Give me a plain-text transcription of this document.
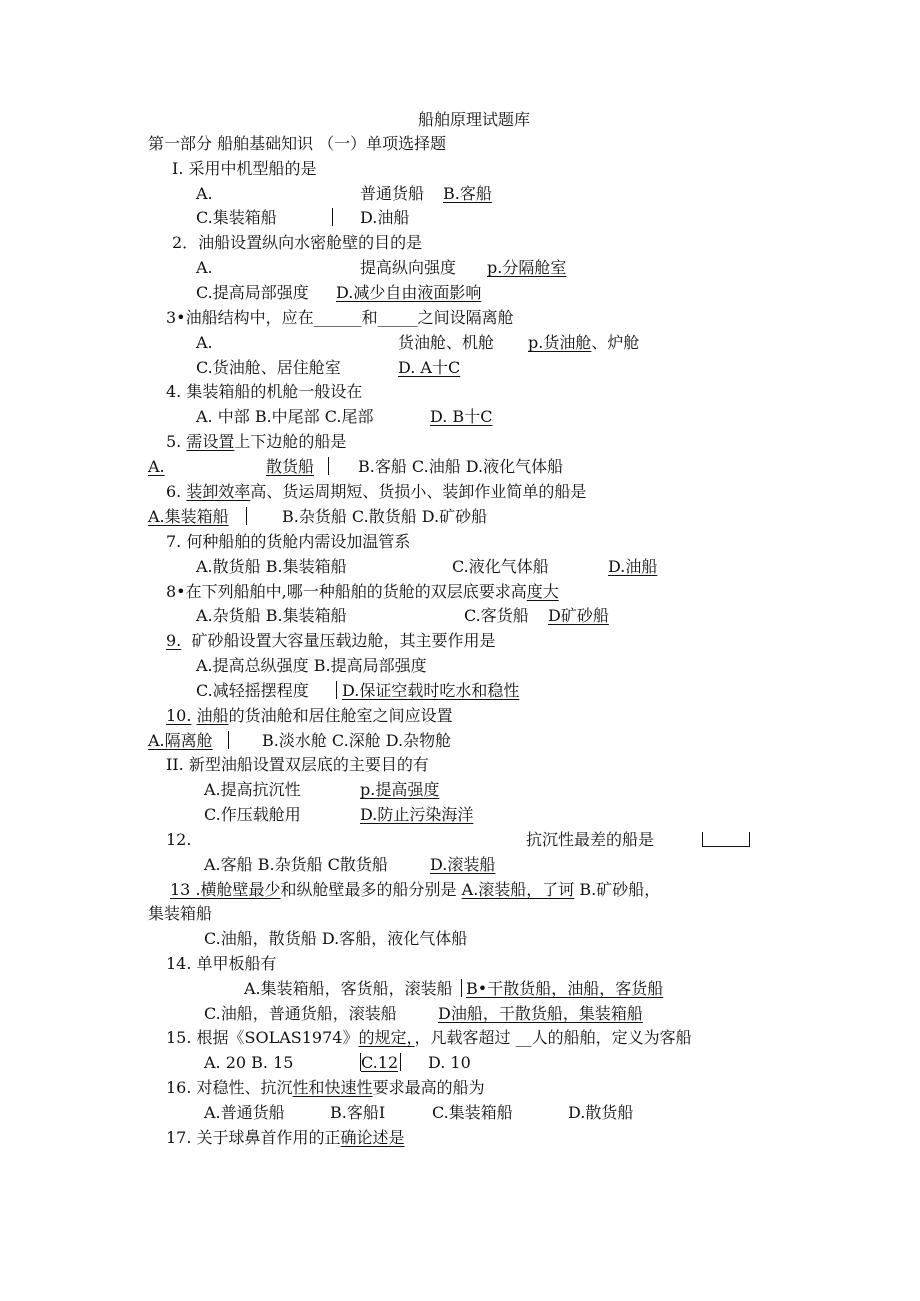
船舶原理试题库
第一部分 船舶基础知识 （一）单项选择题
I. 采用中机型船的是
A.	普通货船 B.客船
C.集装箱船	D.油船
2．油船设置纵向水密舱壁的目的是
A.	提高纵向强度 p.分隔舱室
C.提高局部强度 D.减少自由液面影响
3•油船结构中，应在______和_____之间设隔离舱
A.	货油舱、机舱 p.货油舱、炉舱
C.货油舱、居住舱室	D. A十C
4. 集装箱船的机舱一般设在
A. 中部 B.中尾部 C.尾部	D. B十C
5. 需设置上下边舱的船是
A.	散货船	B.客船 C.油船 D.液化气体船
6. 装卸效率高、货运周期短、货损小、装卸作业简单的船是
A.集装箱船	B.杂货船 C.散货船 D.矿砂船
7. 何种船舶的货舱内需设加温管系
A.散货船 B.集装箱船	C.液化气体船	D.油船
8•在下列船舶中,哪一种船舶的货舱的双层底要求高度大
A.杂货船 B.集装箱船	C.客货船 D矿砂船
9. 矿砂船设置大容量压载边舱，其主要作用是
A.提高总纵强度 B.提高局部强度
C.减轻摇摆程度 D.保证空载时吃水和稳性
10. 油船的货油舱和居住舱室之间应设置
A.隔离舱	B.淡水舱 C.深舱 D.杂物舱
II. 新型油船设置双层底的主要目的有
A.提高抗沉性	p.提高强度
C.作压载舱用	D.防止污染海洋
12.	抗沉性最差的船是
A.客船 B.杂货船 C散货船	D.滚装船
13 .横舱壁最少和纵舱壁最多的船分别是 A.滚装船，了诃 B.矿砂船，
集装箱船
C.油船，散货船 D.客船，液化气体船
14. 单甲板船有
A.集装箱船，客货船，滚装船 B•干散货船，油船，客货船
C.油船，普通货船，滚装船	D油船，干散货船，集装箱船
15. 根据《SOLAS1974》的规定，，凡载客超过 __人的船舶，定义为客船
A. 20 B. 15	C.12 D. 10
16. 对稳性、抗沉性和快速性要求最高的船为
A.普通货船	B.客船I	C.集装箱船	D.散货船
17. 关于球鼻首作用的正确论述是
